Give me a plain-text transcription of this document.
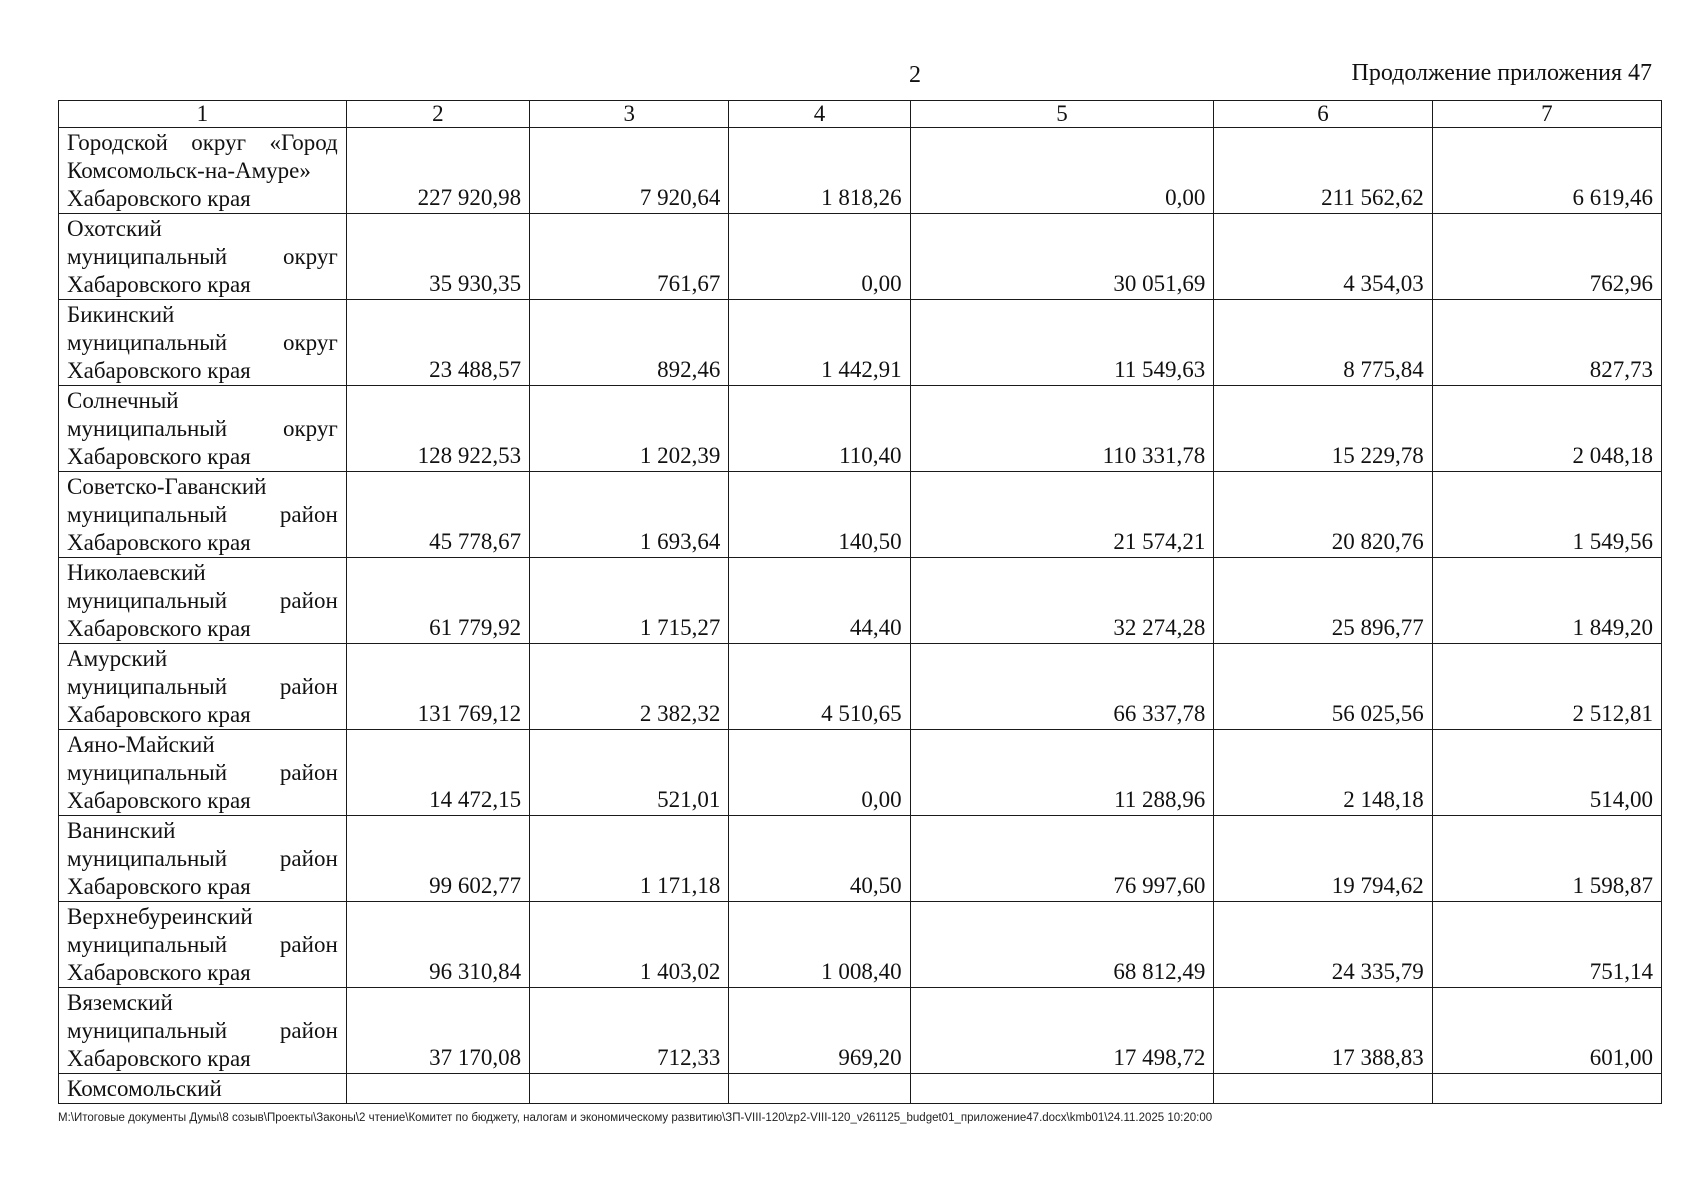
2	Продолжение приложения 47
1	2	3	4	5	6	7

Городской округ «Город
Комсомольск-на-Амуре»
Хабаровского края	227 920,98	7 920,64	1 818,26	0,00	211 562,62	6 619,46

Охотский
муниципальный округ
Хабаровского края	35 930,35	761,67	0,00	30 051,69	4 354,03	762,96

Бикинский
муниципальный округ
Хабаровского края	23 488,57	892,46	1 442,91	11 549,63	8 775,84	827,73

Солнечный
муниципальный округ
Хабаровского края	128 922,53	1 202,39	110,40	110 331,78	15 229,78	2 048,18

Советско-Гаванский
муниципальный район
Хабаровского края	45 778,67	1 693,64	140,50	21 574,21	20 820,76	1 549,56

Николаевский
муниципальный район
Хабаровского края	61 779,92	1 715,27	44,40	32 274,28	25 896,77	1 849,20

Амурский
муниципальный район
Хабаровского края	131 769,12	2 382,32	4 510,65	66 337,78	56 025,56	2 512,81

Аяно-Майский
муниципальный район
Хабаровского края	14 472,15	521,01	0,00	11 288,96	2 148,18	514,00

Ванинский
муниципальный район
Хабаровского края	99 602,77	1 171,18	40,50	76 997,60	19 794,62	1 598,87

Верхнебуреинский
муниципальный район
Хабаровского края	96 310,84	1 403,02	1 008,40	68 812,49	24 335,79	751,14

Вяземский
муниципальный район
Хабаровского края	37 170,08	712,33	969,20	17 498,72	17 388,83	601,00

Комсомольский						

M:\Итоговые документы Думы\8 созыв\Проекты\Законы\2 чтение\Комитет по бюджету, налогам и экономическому развитию\ЗП-VIII-120\zp2-VIII-120_v261125_budget01_приложение47.docx\kmb01\24.11.2025 10:20:00
